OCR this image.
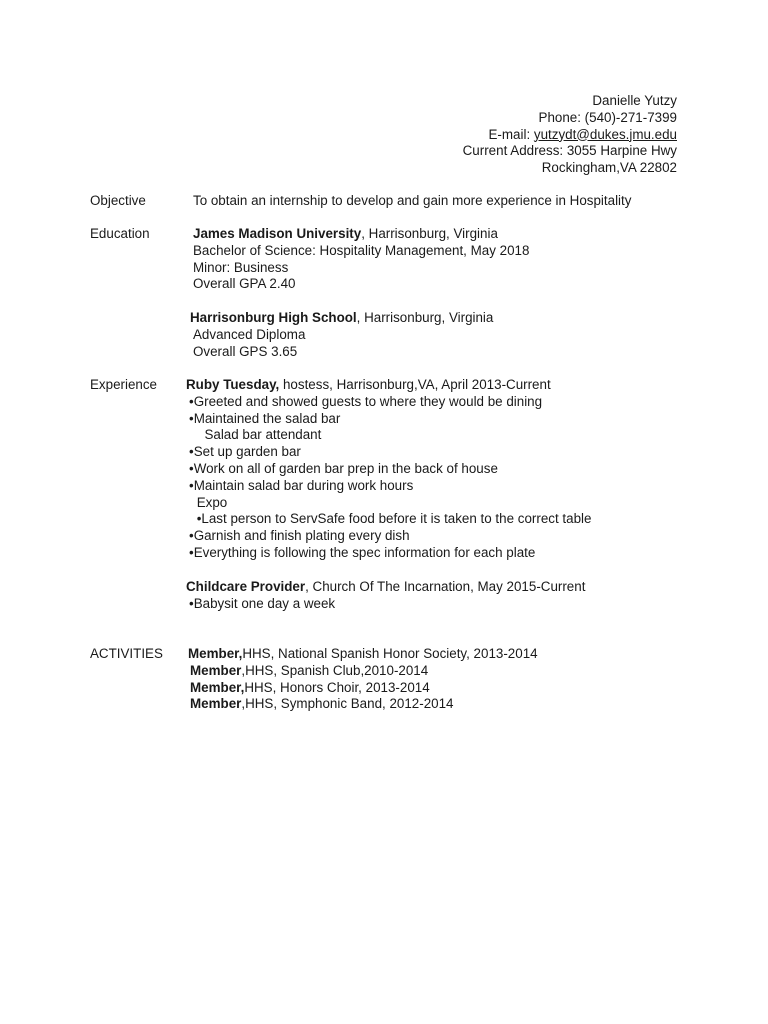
Danielle Yutzy
Phone: (540)-271-7399
E-mail: yutzydt@dukes.jmu.edu
Current Address: 3055 Harpine Hwy
Rockingham,VA 22802
Objective	To obtain an internship to develop and gain more experience in Hospitality
Education	James Madison University, Harrisonburg, Virginia
Bachelor of Science: Hospitality Management, May 2018
Minor: Business
Overall GPA 2.40
Harrisonburg High School, Harrisonburg, Virginia
Advanced Diploma
Overall GPS 3.65
Experience Ruby Tuesday, hostess, Harrisonburg,VA, April 2013-Current
•Greeted and showed guests to where they would be dining
•Maintained the salad bar
Salad bar attendant
•Set up garden bar
•Work on all of garden bar prep in the back of house
•Maintain salad bar during work hours
Expo
•Last person to ServSafe food before it is taken to the correct table
•Garnish and finish plating every dish
•Everything is following the spec information for each plate
Childcare Provider, Church Of The Incarnation, May 2015-Current
•Babysit one day a week
ACTIVITIES Member,HHS, National Spanish Honor Society, 2013-2014
Member,HHS, Spanish Club,2010-2014
Member,HHS, Honors Choir, 2013-2014
Member,HHS, Symphonic Band, 2012-2014
